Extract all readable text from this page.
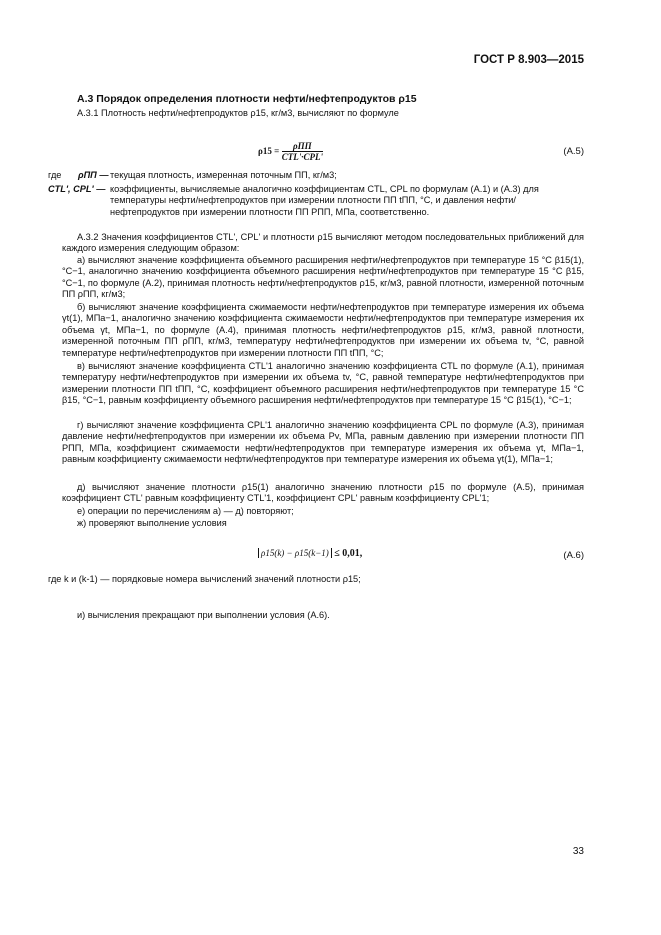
ГОСТ Р 8.903—2015
А.3 Порядок определения плотности нефти/нефтепродуктов ρ15
А.3.1 Плотность нефти/нефтепродуктов ρ15, кг/м3, вычисляют по формуле
$\rho 15 = \frac{\text{ρПП}}{\text{CTL'·CPL'}}$	(А.5)
где ρПП — текущая плотность, измеренная поточным ПП, кг/м3;
CTL', CPL' — коэффициенты, вычисляемые аналогично коэффициентам CTL, CPL по формулам (А.1) и (А.3) для температуры нефти/нефтепродуктов при измерении плотности ПП tПП, °С, и давления нефти/нефтепродуктов при измерении плотности ПП PПП, МПа, соответственно.
А.3.2 Значения коэффициентов CTL', CPL' и плотности ρ15 вычисляют методом последовательных приближений для каждого измерения следующим образом:
а) вычисляют значение коэффициента объемного расширения нефти/нефтепродуктов при температуре 15 °С β15(1), °С−1, аналогично значению коэффициента объемного расширения нефти/нефтепродуктов при температуре 15 °С β15, °С−1, по формуле (А.2), принимая плотность нефти/нефтепродуктов ρ15, кг/м3, равной плотности, измеренной поточным ПП ρПП, кг/м3;
б) вычисляют значение коэффициента сжимаемости нефти/нефтепродуктов при температуре измерения их объема γt(1), МПа−1, аналогично значению коэффициента сжимаемости нефти/нефтепродуктов при температуре измерения их объема γt, МПа−1, по формуле (А.4), принимая плотность нефти/нефтепродуктов ρ15, кг/м3, равной плотности, измеренной поточным ПП ρПП, кг/м3, температуру нефти/нефтепродуктов при измерении их объема tv, °С, равной температуре нефти/нефтепродуктов при измерении плотности ПП tПП, °С;
в) вычисляют значение коэффициента CTL'1 аналогично значению коэффициента CTL по формуле (А.1), принимая температуру нефти/нефтепродуктов при измерении их объема tv, °С, равной температуре нефти/нефтепродуктов при измерении плотности ПП tПП, °С, коэффициент объемного расширения нефти/нефтепродуктов при температуре 15 °С β15, °С−1, равным коэффициенту объемного расширения нефти/нефтепродуктов при температуре 15 °С β15(1), °С−1;
г) вычисляют значение коэффициента CPL'1 аналогично значению коэффициента CPL по формуле (А.3), принимая давление нефти/нефтепродуктов при измерении их объема Pv, МПа, равным давлению при измерении плотности ПП PПП, МПа, коэффициент сжимаемости нефти/нефтепродуктов при температуре измерения их объема γt, МПа−1, равным коэффициенту сжимаемости нефти/нефтепродуктов при температуре измерения их объема γt(1), МПа−1;
д) вычисляют значение плотности ρ15(1) аналогично значению плотности ρ15 по формуле (А.5), принимая коэффициент CTL' равным коэффициенту CTL'1, коэффициент CPL' равным коэффициенту CPL'1;
е) операции по перечислениям а) — д) повторяют;
ж) проверяют выполнение условия
ρ15(k) − ρ15(k−1) ≤ 0,01,	(А.6)
где k и (k-1) — порядковые номера вычислений значений плотности ρ15;
и) вычисления прекращают при выполнении условия (А.6).
33
